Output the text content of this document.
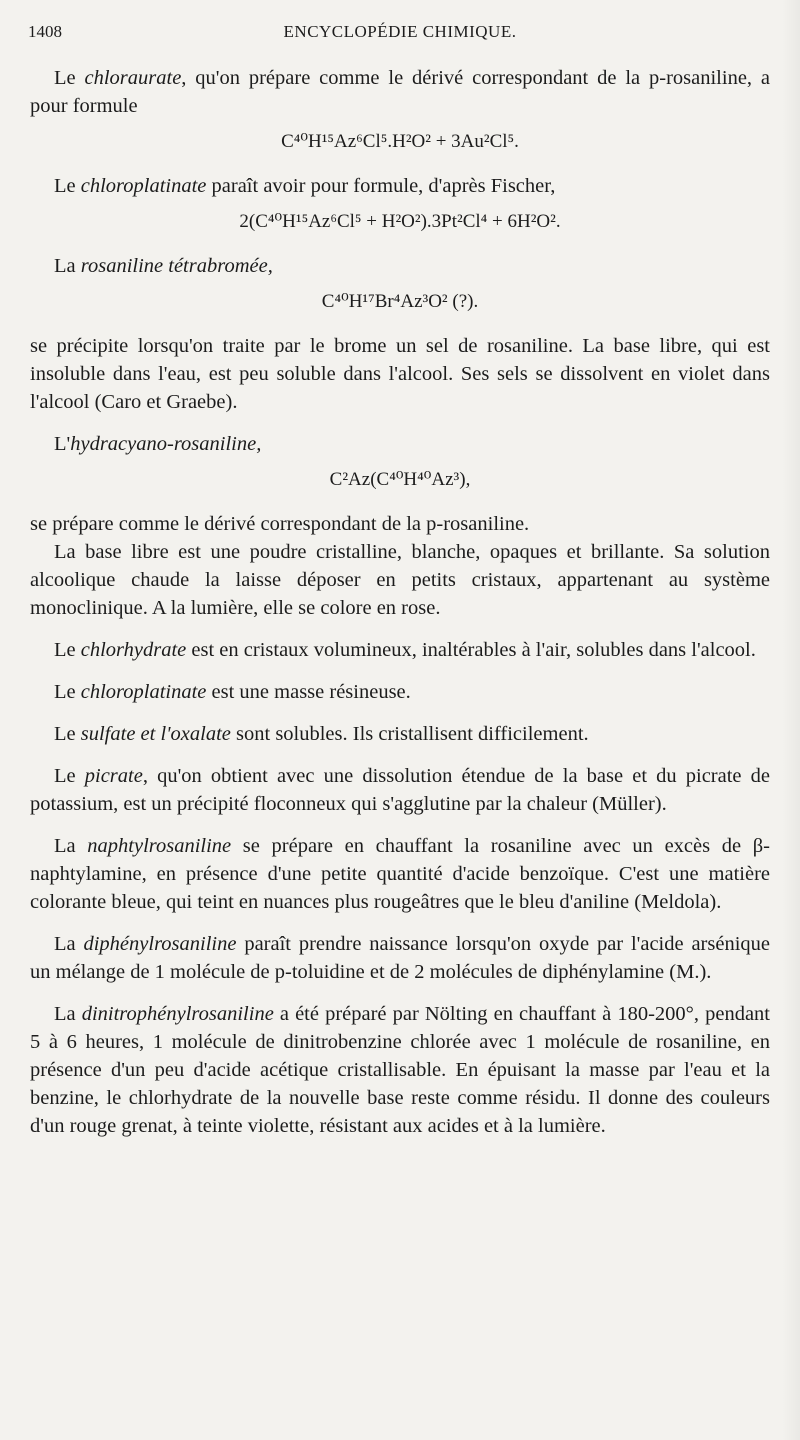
1408	ENCYCLOPÉDIE CHIMIQUE.

Le chloraurate, qu'on prépare comme le dérivé correspondant de la p-rosaniline, a pour formule

C⁴⁰H¹⁵Az⁶Cl⁵.H²O² + 3Au²Cl⁵.

Le chloroplatinate paraît avoir pour formule, d'après Fischer,

2(C⁴⁰H¹⁵Az⁶Cl⁵ + H²O²).3Pt²Cl⁴ + 6H²O².

La rosaniline tétrabromée,

C⁴⁰H¹⁷Br⁴Az³O² (?).

se précipite lorsqu'on traite par le brome un sel de rosaniline. La base libre, qui est insoluble dans l'eau, est peu soluble dans l'alcool. Ses sels se dissolvent en violet dans l'alcool (Caro et Graebe).

L'hydracyano-rosaniline,

C²Az(C⁴⁰H⁴⁰Az³),

se prépare comme le dérivé correspondant de la p-rosaniline.

La base libre est une poudre cristalline, blanche, opaques et brillante. Sa solution alcoolique chaude la laisse déposer en petits cristaux, appartenant au système monoclinique. A la lumière, elle se colore en rose.

Le chlorhydrate est en cristaux volumineux, inaltérables à l'air, solubles dans l'alcool.

Le chloroplatinate est une masse résineuse.

Le sulfate et l'oxalate sont solubles. Ils cristallisent difficilement.

Le picrate, qu'on obtient avec une dissolution étendue de la base et du picrate de potassium, est un précipité floconneux qui s'agglutine par la chaleur (Müller).

La naphtylrosaniline se prépare en chauffant la rosaniline avec un excès de β-naphtylamine, en présence d'une petite quantité d'acide benzoïque. C'est une matière colorante bleue, qui teint en nuances plus rougeâtres que le bleu d'aniline (Meldola).

La diphénylrosaniline paraît prendre naissance lorsqu'on oxyde par l'acide arsénique un mélange de 1 molécule de p-toluidine et de 2 molécules de diphénylamine (M.).

La dinitrophénylrosaniline a été préparé par Nölting en chauffant à 180-200°, pendant 5 à 6 heures, 1 molécule de dinitrobenzine chlorée avec 1 molécule de rosaniline, en présence d'un peu d'acide acétique cristallisable. En épuisant la masse par l'eau et la benzine, le chlorhydrate de la nouvelle base reste comme résidu. Il donne des couleurs d'un rouge grenat, à teinte violette, résistant aux acides et à la lumière.
